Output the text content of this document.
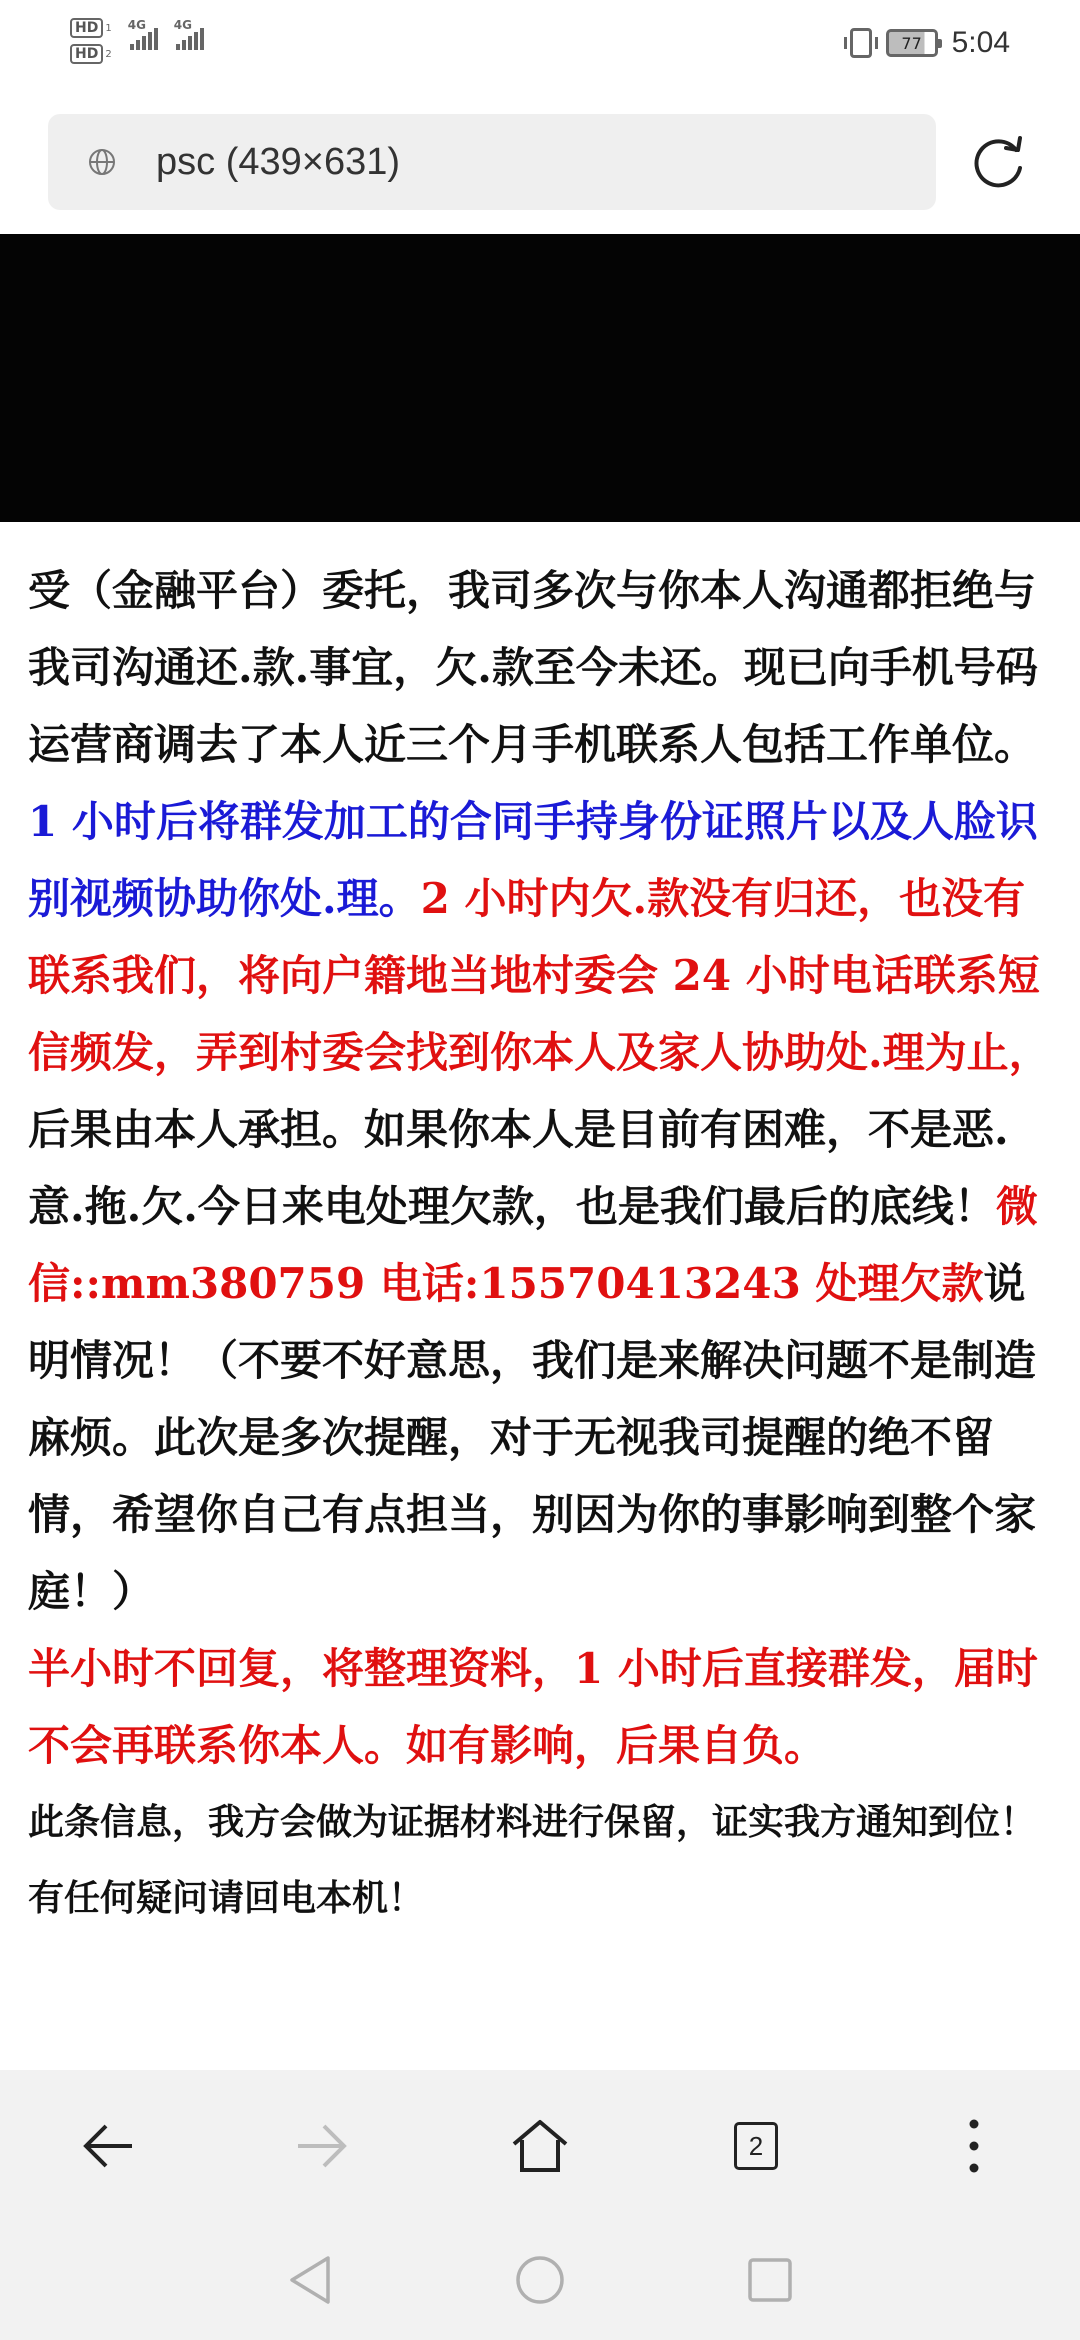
HD 1
HD 2
4G 4G
77 5:04
psc (439×631)

受（金融平台）委托，我司多次与你本人沟通都拒绝与我司沟通还.款.事宜，欠.款至今未还。现已向手机号码运营商调去了本人近三个月手机联系人包括工作单位。1 小时后将群发加工的合同手持身份证照片以及人脸识别视频协助你处.理。2 小时内欠.款没有归还，也没有联系我们，将向户籍地当地村委会 24 小时电话联系短信频发，弄到村委会找到你本人及家人协助处.理为止，后果由本人承担。如果你本人是目前有困难，不是恶.意.拖.欠.今日来电处理欠款，也是我们最后的底线！微信::mm380759 电话:15570413243 处理欠款说明情况！（不要不好意思，我们是来解决问题不是制造麻烦。此次是多次提醒，对于无视我司提醒的绝不留情，希望你自己有点担当，别因为你的事影响到整个家庭！）

半小时不回复，将整理资料，1 小时后直接群发，届时不会再联系你本人。如有影响，后果自负。

此条信息，我方会做为证据材料进行保留，证实我方通知到位！有任何疑问请回电本机！

2
